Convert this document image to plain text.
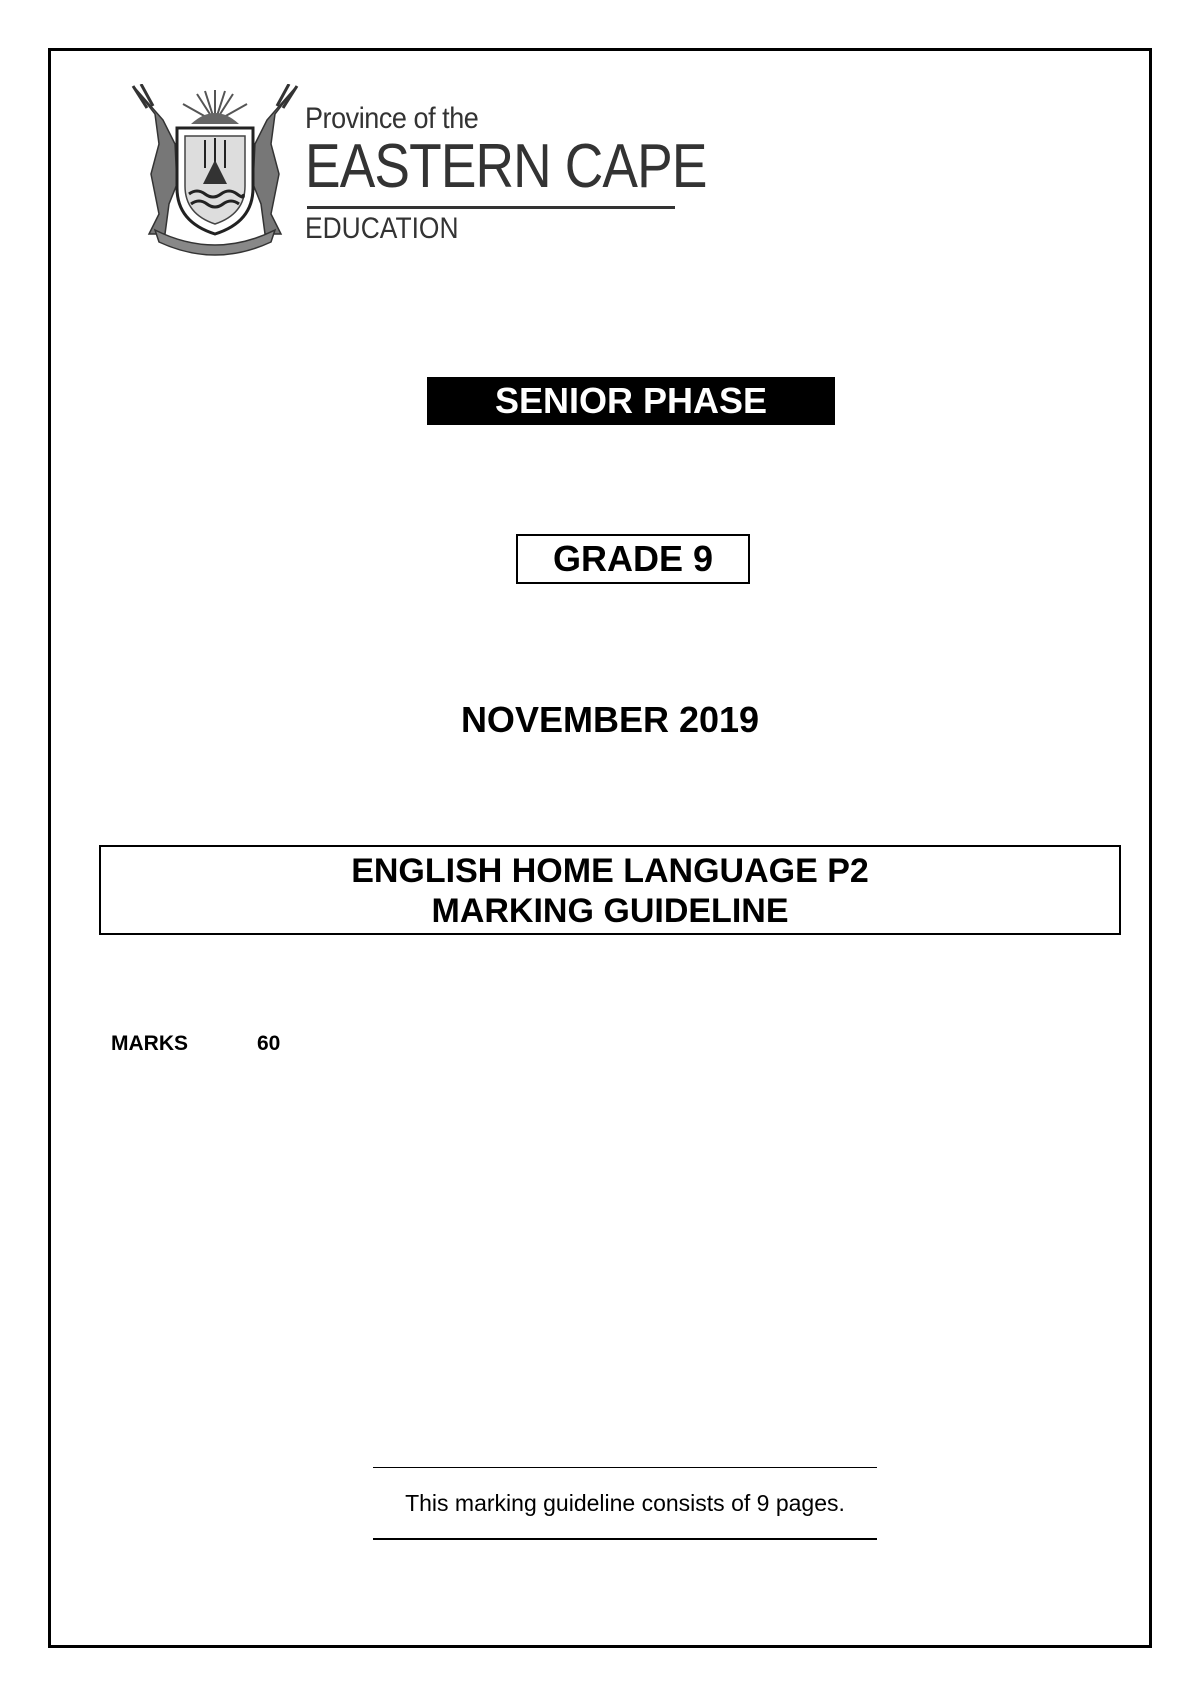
Province of the
EASTERN CAPE
EDUCATION
SENIOR PHASE
GRADE 9
NOVEMBER 2019
ENGLISH HOME LANGUAGE P2
MARKING GUIDELINE
MARKS	60
This marking guideline consists of 9 pages.
